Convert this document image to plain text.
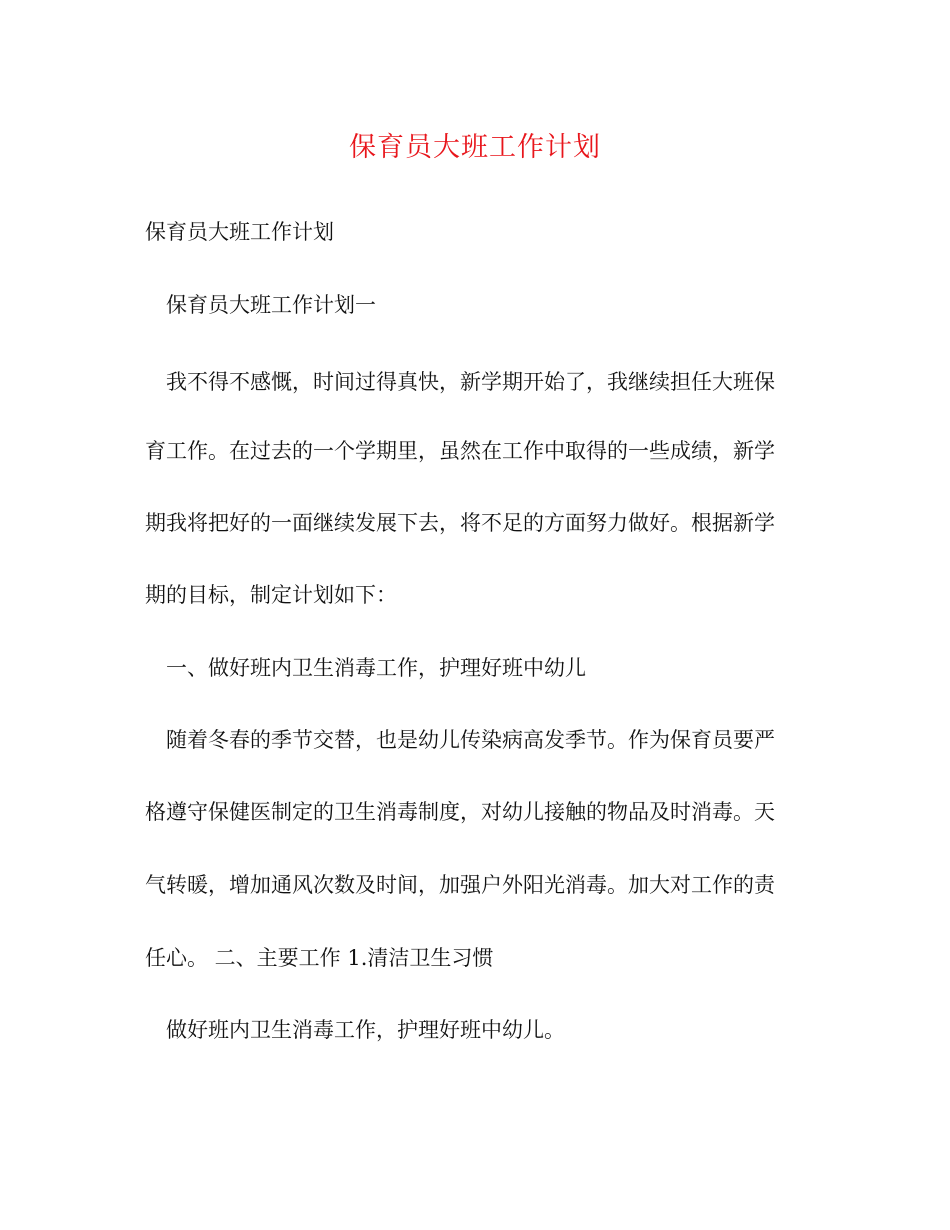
保育员大班工作计划
保育员大班工作计划
保育员大班工作计划一
我不得不感慨，时间过得真快，新学期开始了，我继续担任大班保
育工作。在过去的一个学期里，虽然在工作中取得的一些成绩，新学
期我将把好的一面继续发展下去，将不足的方面努力做好。根据新学
期的目标，制定计划如下：
一、做好班内卫生消毒工作，护理好班中幼儿
随着冬春的季节交替，也是幼儿传染病高发季节。作为保育员要严
格遵守保健医制定的卫生消毒制度，对幼儿接触的物品及时消毒。天
气转暖，增加通风次数及时间，加强户外阳光消毒。加大对工作的责
任心。 二、主要工作 1.清洁卫生习惯
做好班内卫生消毒工作，护理好班中幼儿。
